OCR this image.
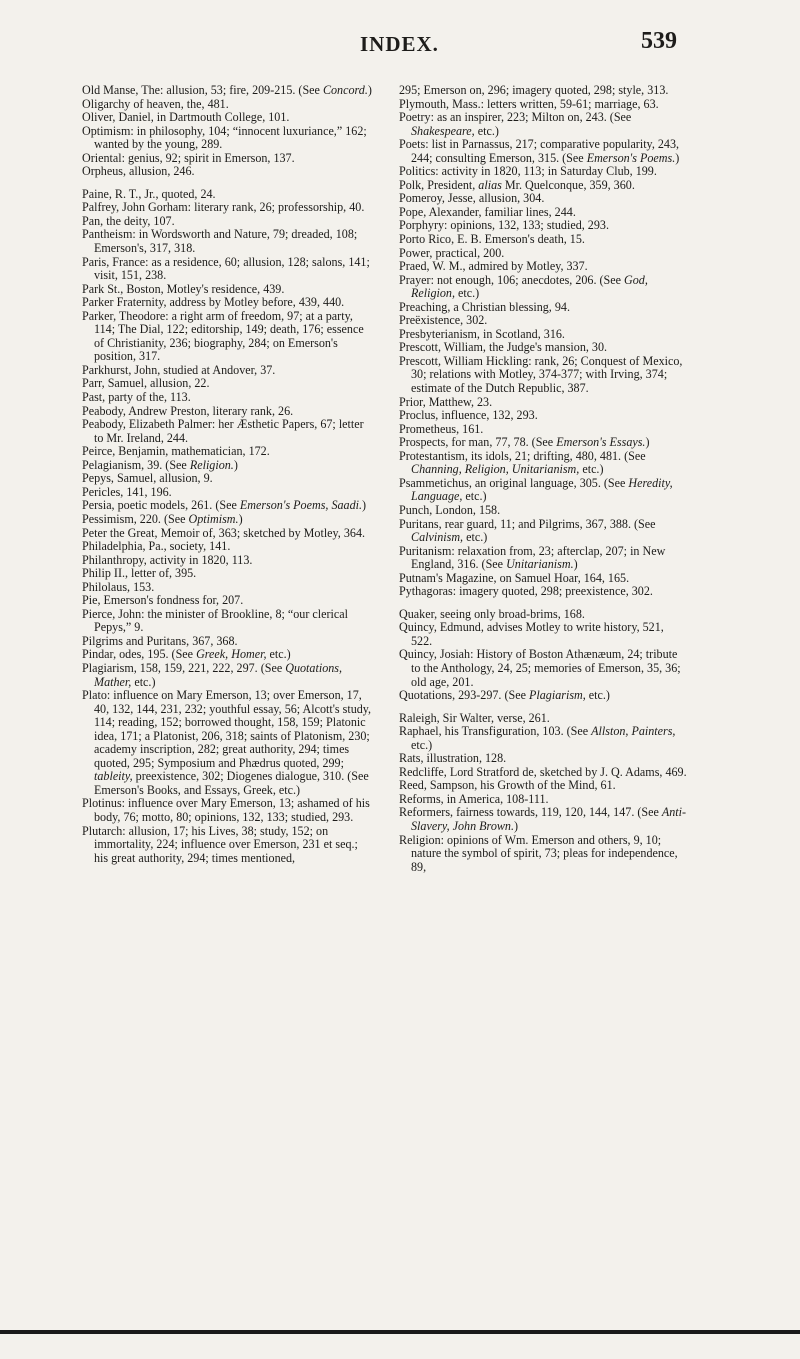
INDEX.	539

Old Manse, The: allusion, 53; fire, 209-215. (See Concord.)

Oligarchy of heaven, the, 481.

Oliver, Daniel, in Dartmouth College, 101.

Optimism: in philosophy, 104; “innocent luxuriance,” 162; wanted by the young, 289.

Oriental: genius, 92; spirit in Emerson, 137.

Orpheus, allusion, 246.

Paine, R. T., Jr., quoted, 24.

Palfrey, John Gorham: literary rank, 26; professorship, 40.

Pan, the deity, 107.

Pantheism: in Wordsworth and Nature, 79; dreaded, 108; Emerson's, 317, 318.

Paris, France: as a residence, 60; allusion, 128; salons, 141; visit, 151, 238.

Park St., Boston, Motley's residence, 439.

Parker Fraternity, address by Motley before, 439, 440.

Parker, Theodore: a right arm of freedom, 97; at a party, 114; The Dial, 122; editorship, 149; death, 176; essence of Christianity, 236; biography, 284; on Emerson's position, 317.

Parkhurst, John, studied at Andover, 37.

Parr, Samuel, allusion, 22.

Past, party of the, 113.

Peabody, Andrew Preston, literary rank, 26.

Peabody, Elizabeth Palmer: her Æsthetic Papers, 67; letter to Mr. Ireland, 244.

Peirce, Benjamin, mathematician, 172.

Pelagianism, 39. (See Religion.)

Pepys, Samuel, allusion, 9.

Pericles, 141, 196.

Persia, poetic models, 261. (See Emerson's Poems, Saadi.)

Pessimism, 220. (See Optimism.)

Peter the Great, Memoir of, 363; sketched by Motley, 364.

Philadelphia, Pa., society, 141.

Philanthropy, activity in 1820, 113.

Philip II., letter of, 395.

Philolaus, 153.

Pie, Emerson's fondness for, 207.

Pierce, John: the minister of Brookline, 8; “our clerical Pepys,” 9.

Pilgrims and Puritans, 367, 368.

Pindar, odes, 195. (See Greek, Homer, etc.)

Plagiarism, 158, 159, 221, 222, 297. (See Quotations, Mather, etc.)

Plato: influence on Mary Emerson, 13; over Emerson, 17, 40, 132, 144, 231, 232; youthful essay, 56; Alcott's study, 114; reading, 152; borrowed thought, 158, 159; Platonic idea, 171; a Platonist, 206, 318; saints of Platonism, 230; academy inscription, 282; great authority, 294; times quoted, 295; Symposium and Phædrus quoted, 299; tableity, preexistence, 302; Diogenes dialogue, 310. (See Emerson's Books, and Essays, Greek, etc.)

Plotinus: influence over Mary Emerson, 13; ashamed of his body, 76; motto, 80; opinions, 132, 133; studied, 293.

Plutarch: allusion, 17; his Lives, 38; study, 152; on immortality, 224; influence over Emerson, 231 et seq.; his great authority, 294; times mentioned,

295; Emerson on, 296; imagery quoted, 298; style, 313.

Plymouth, Mass.: letters written, 59-61; marriage, 63.

Poetry: as an inspirer, 223; Milton on, 243. (See Shakespeare, etc.)

Poets: list in Parnassus, 217; comparative popularity, 243, 244; consulting Emerson, 315. (See Emerson's Poems.)

Politics: activity in 1820, 113; in Saturday Club, 199.

Polk, President, alias Mr. Quelconque, 359, 360.

Pomeroy, Jesse, allusion, 304.

Pope, Alexander, familiar lines, 244.

Porphyry: opinions, 132, 133; studied, 293.

Porto Rico, E. B. Emerson's death, 15.

Power, practical, 200.

Praed, W. M., admired by Motley, 337.

Prayer: not enough, 106; anecdotes, 206. (See God, Religion, etc.)

Preaching, a Christian blessing, 94.

Preëxistence, 302.

Presbyterianism, in Scotland, 316.

Prescott, William, the Judge's mansion, 30.

Prescott, William Hickling: rank, 26; Conquest of Mexico, 30; relations with Motley, 374-377; with Irving, 374; estimate of the Dutch Republic, 387.

Prior, Matthew, 23.

Proclus, influence, 132, 293.

Prometheus, 161.

Prospects, for man, 77, 78. (See Emerson's Essays.)

Protestantism, its idols, 21; drifting, 480, 481. (See Channing, Religion, Unitarianism, etc.)

Psammetichus, an original language, 305. (See Heredity, Language, etc.)

Punch, London, 158.

Puritans, rear guard, 11; and Pilgrims, 367, 388. (See Calvinism, etc.)

Puritanism: relaxation from, 23; afterclap, 207; in New England, 316. (See Unitarianism.)

Putnam's Magazine, on Samuel Hoar, 164, 165.

Pythagoras: imagery quoted, 298; preexistence, 302.

Quaker, seeing only broad-brims, 168.

Quincy, Edmund, advises Motley to write history, 521, 522.

Quincy, Josiah: History of Boston Athænæum, 24; tribute to the Anthology, 24, 25; memories of Emerson, 35, 36; old age, 201.

Quotations, 293-297. (See Plagiarism, etc.)

Raleigh, Sir Walter, verse, 261.

Raphael, his Transfiguration, 103. (See Allston, Painters, etc.)

Rats, illustration, 128.

Redcliffe, Lord Stratford de, sketched by J. Q. Adams, 469.

Reed, Sampson, his Growth of the Mind, 61.

Reforms, in America, 108-111.

Reformers, fairness towards, 119, 120, 144, 147. (See Anti-Slavery, John Brown.)

Religion: opinions of Wm. Emerson and others, 9, 10; nature the symbol of spirit, 73; pleas for independence, 89,
